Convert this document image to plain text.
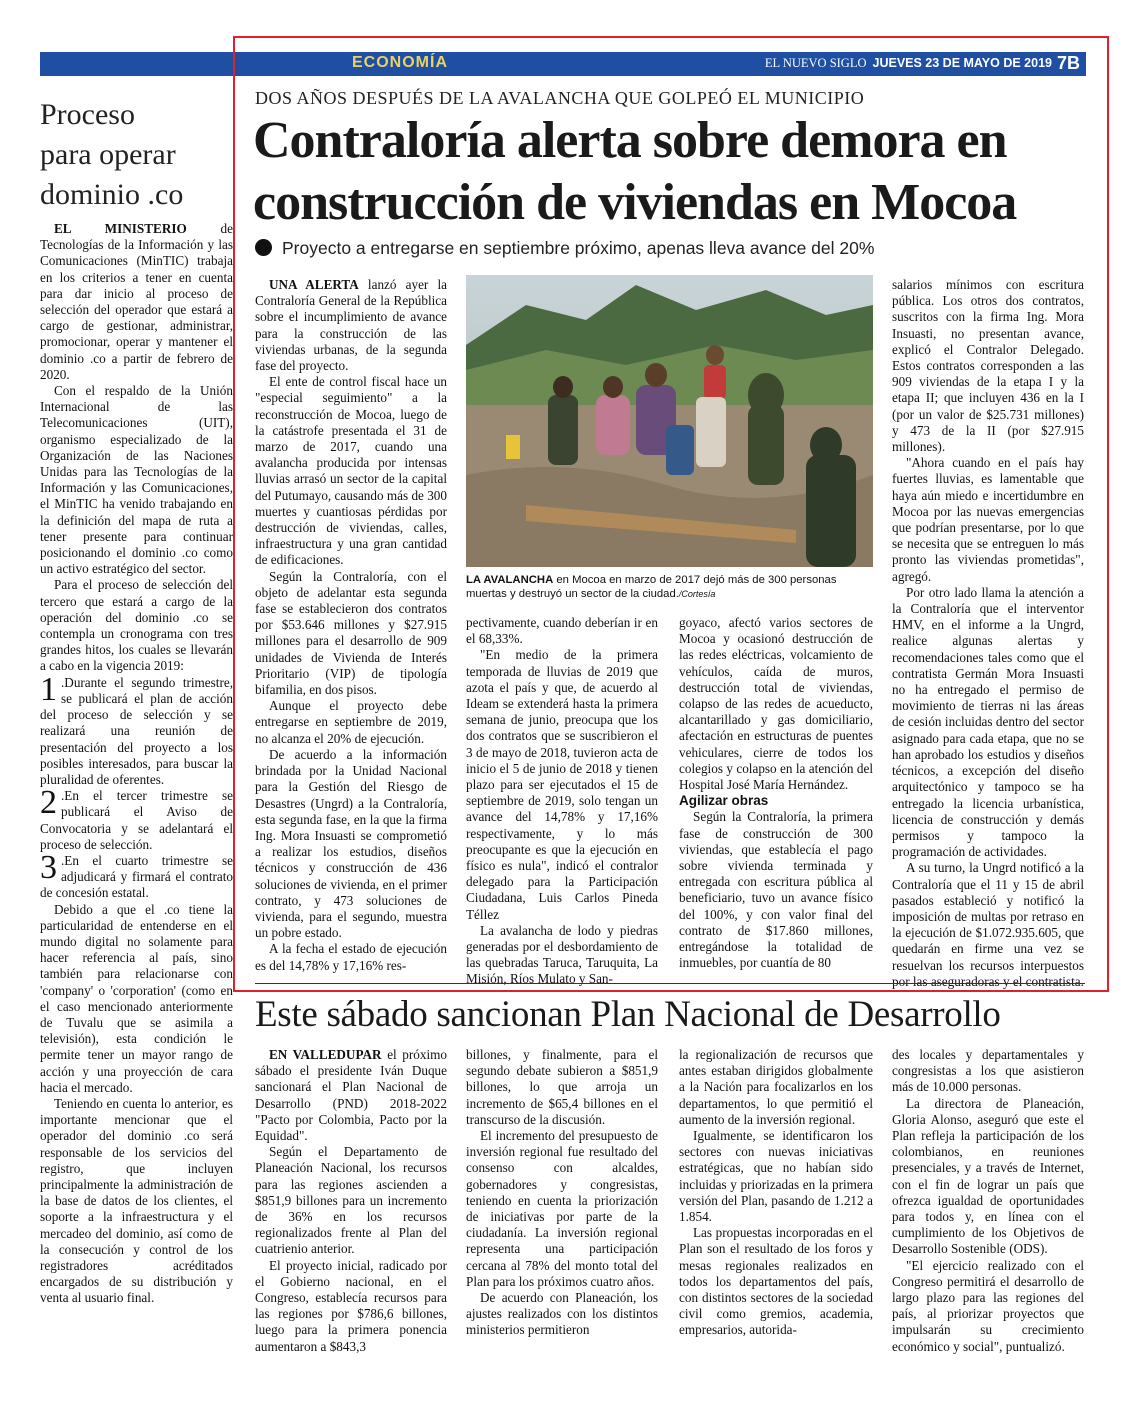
ECONOMÍA	EL NUEVO SIGLO JUEVES 23 DE MAYO DE 2019 7B
Proceso
para operar
dominio .co

EL MINISTERIO de Tecnologías de la Información y las Comunicaciones (MinTIC) trabaja en los criterios a tener en cuenta para dar inicio al proceso de selección del operador que estará a cargo de gestionar, administrar, promocionar, operar y mantener el dominio .co a partir de febrero de 2020.

Con el respaldo de la Unión Internacional de las Telecomunicaciones (UIT), organismo especializado de la Organización de las Naciones Unidas para las Tecnologías de la Información y las Comunicaciones, el MinTIC ha venido trabajando en la definición del mapa de ruta a tener presente para continuar posicionando el dominio .co como un activo estratégico del sector.

Para el proceso de selección del tercero que estará a cargo de la operación del dominio .co se contempla un cronograma con tres grandes hitos, los cuales se llevarán a cabo en la vigencia 2019:

1 .Durante el segundo trimestre, se publicará el plan de acción del proceso de selección y se realizará una reunión de presentación del proyecto a los posibles interesados, para buscar la pluralidad de oferentes.

2 .En el tercer trimestre se publicará el Aviso de Convocatoria y se adelantará el proceso de selección.

3 .En el cuarto trimestre se adjudicará y firmará el contrato de concesión estatal.

Debido a que el .co tiene la particularidad de entenderse en el mundo digital no solamente para hacer referencia al país, sino también para relacionarse con 'company' o 'corporation' (como en el caso mencionado anteriormente de Tuvalu que se asimila a televisión), esta condición le permite tener un mayor rango de acción y una proyección de cara hacia el mercado.

Teniendo en cuenta lo anterior, es importante mencionar que el operador del dominio .co será responsable de los servicios del registro, que incluyen principalmente la administración de la base de datos de los clientes, el soporte a la infraestructura y el mercadeo del dominio, así como de la consecución y control de los registradores acréditados encargados de su distribución y venta al usuario final.

DOS AÑOS DESPUÉS DE LA AVALANCHA QUE GOLPEÓ EL MUNICIPIO
Contraloría alerta sobre demora en
construcción de viviendas en Mocoa
Proyecto a entregarse en septiembre próximo, apenas lleva avance del 20%

UNA ALERTA lanzó ayer la Contraloría General de la República sobre el incumplimiento de avance para la construcción de las viviendas urbanas, de la segunda fase del proyecto.

El ente de control fiscal hace un "especial seguimiento" a la reconstrucción de Mocoa, luego de la catástrofe presentada el 31 de marzo de 2017, cuando una avalancha producida por intensas lluvias arrasó un sector de la capital del Putumayo, causando más de 300 muertes y cuantiosas pérdidas por destrucción de viviendas, calles, infraestructura y una gran cantidad de edificaciones.

Según la Contraloría, con el objeto de adelantar esta segunda fase se establecieron dos contratos por $53.646 millones y $27.915 millones para el desarrollo de 909 unidades de Vivienda de Interés Prioritario (VIP) de tipología bifamilia, en dos pisos.

Aunque el proyecto debe entregarse en septiembre de 2019, no alcanza el 20% de ejecución.

De acuerdo a la información brindada por la Unidad Nacional para la Gestión del Riesgo de Desastres (Ungrd) a la Contraloría, esta segunda fase, en la que la firma Ing. Mora Insuasti se comprometió a realizar los estudios, diseños técnicos y construcción de 436 soluciones de vivienda, en el primer contrato, y 473 soluciones de vivienda, para el segundo, muestra un pobre estado.

A la fecha el estado de ejecución es del 14,78% y 17,16% res-

LA AVALANCHA en Mocoa en marzo de 2017 dejó más de 300 personas muertas y destruyó un sector de la ciudad./Cortesía

pectivamente, cuando deberían ir en el 68,33%.

"En medio de la primera temporada de lluvias de 2019 que azota el país y que, de acuerdo al Ideam se extenderá hasta la primera semana de junio, preocupa que los dos contratos que se suscribieron el 3 de mayo de 2018, tuvieron acta de inicio el 5 de junio de 2018 y tienen plazo para ser ejecutados el 15 de septiembre de 2019, solo tengan un avance del 14,78% y 17,16% respectivamente, y lo más preocupante es que la ejecución en físico es nula", indicó el contralor delegado para la Participación Ciudadana, Luis Carlos Pineda Téllez

La avalancha de lodo y piedras generadas por el desbordamiento de las quebradas Taruca, Taruquita, La Misión, Ríos Mulato y San-

goyaco, afectó varios sectores de Mocoa y ocasionó destrucción de las redes eléctricas, volcamiento de vehículos, caída de muros, destrucción total de viviendas, colapso de las redes de acueducto, alcantarillado y gas domiciliario, afectación en estructuras de puentes vehiculares, cierre de todos los colegios y colapso en la atención del Hospital José María Hernández.

Agilizar obras

Según la Contraloría, la primera fase de construcción de 300 viviendas, que establecía el pago sobre vivienda terminada y entregada con escritura pública al beneficiario, tuvo un avance físico del 100%, y con valor final del contrato de $17.860 millones, entregándose la totalidad de inmuebles, por cuantía de 80

salarios mínimos con escritura pública. Los otros dos contratos, suscritos con la firma Ing. Mora Insuasti, no presentan avance, explicó el Contralor Delegado. Estos contratos corresponden a las 909 viviendas de la etapa I y la etapa II; que incluyen 436 en la I (por un valor de $25.731 millones) y 473 de la II (por $27.915 millones).

"Ahora cuando en el país hay fuertes lluvias, es lamentable que haya aún miedo e incertidumbre en Mocoa por las nuevas emergencias que podrían presentarse, por lo que se necesita que se entreguen lo más pronto las viviendas prometidas", agregó.

Por otro lado llama la atención a la Contraloría que el interventor HMV, en el informe a la Ungrd, realice algunas alertas y recomendaciones tales como que el contratista Germán Mora Insuasti no ha entregado el permiso de movimiento de tierras ni las áreas de cesión incluidas dentro del sector asignado para cada etapa, que no se han aprobado los estudios y diseños técnicos, a excepción del diseño arquitectónico y tampoco se ha entregado la licencia urbanística, licencia de construcción y demás permisos y tampoco la programación de actividades.

A su turno, la Ungrd notificó a la Contraloría que el 11 y 15 de abril pasados estableció y notificó la imposición de multas por retraso en la ejecución de $1.072.935.605, que quedarán en firme una vez se resuelvan los recursos interpuestos por las aseguradoras y el contratista.

Este sábado sancionan Plan Nacional de Desarrollo

EN VALLEDUPAR el próximo sábado el presidente Iván Duque sancionará el Plan Nacional de Desarrollo (PND) 2018-2022 "Pacto por Colombia, Pacto por la Equidad".

Según el Departamento de Planeación Nacional, los recursos para las regiones ascienden a $851,9 billones para un incremento de 36% en los recursos regionalizados frente al Plan del cuatrienio anterior.

El proyecto inicial, radicado por el Gobierno nacional, en el Congreso, establecía recursos para las regiones por $786,6 billones, luego para la primera ponencia aumentaron a $843,3

billones, y finalmente, para el segundo debate subieron a $851,9 billones, lo que arroja un incremento de $65,4 billones en el transcurso de la discusión.

El incremento del presupuesto de inversión regional fue resultado del consenso con alcaldes, gobernadores y congresistas, teniendo en cuenta la priorización de iniciativas por parte de la ciudadanía. La inversión regional representa una participación cercana al 78% del monto total del Plan para los próximos cuatro años.

De acuerdo con Planeación, los ajustes realizados con los distintos ministerios permitieron

la regionalización de recursos que antes estaban dirigidos globalmente a la Nación para focalizarlos en los departamentos, lo que permitió el aumento de la inversión regional.

Igualmente, se identificaron los sectores con nuevas iniciativas estratégicas, que no habían sido incluidas y priorizadas en la primera versión del Plan, pasando de 1.212 a 1.854.

Las propuestas incorporadas en el Plan son el resultado de los foros y mesas regionales realizados en todos los departamentos del país, con distintos sectores de la sociedad civil como gremios, academia, empresarios, autorida-

des locales y departamentales y congresistas a los que asistieron más de 10.000 personas.

La directora de Planeación, Gloria Alonso, aseguró que este el Plan refleja la participación de los colombianos, en reuniones presenciales, y a través de Internet, con el fin de lograr un país que ofrezca igualdad de oportunidades para todos y, en línea con el cumplimiento de los Objetivos de Desarrollo Sostenible (ODS).

"El ejercicio realizado con el Congreso permitirá el desarrollo de largo plazo para las regiones del país, al priorizar proyectos que impulsarán su crecimiento económico y social", puntualizó.
